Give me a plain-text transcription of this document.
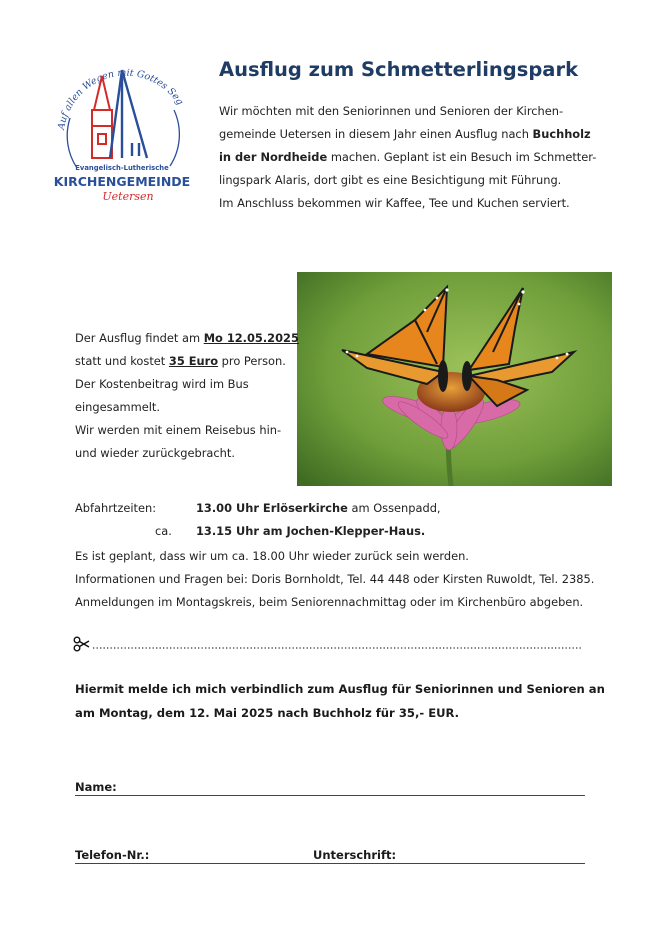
Auf allen Wegen mit Gottes Seg
Evangelisch-Lutherische
KIRCHENGEMEINDE
Uetersen
Ausflug zum Schmetterlingspark
Wir möchten mit den Seniorinnen und Senioren der Kirchen-
gemeinde Uetersen in diesem Jahr einen Ausflug nach Buchholz
in der Nordheide machen. Geplant ist ein Besuch im Schmetter-
lingspark Alaris, dort gibt es eine Besichtigung mit Führung.
Im Anschluss bekommen wir Kaffee, Tee und Kuchen serviert.
Der Ausflug findet am Mo 12.05.2025
statt und kostet 35 Euro pro Person.
Der Kostenbeitrag wird im Bus
eingesammelt.
Wir werden mit einem Reisebus hin-
und wieder zurückgebracht.
Abfahrtzeiten:	13.00 Uhr Erlöserkirche am Ossenpadd,
ca. 13.15 Uhr am Jochen-Klepper-Haus.
Es ist geplant, dass wir um ca. 18.00 Uhr wieder zurück sein werden.
Informationen und Fragen bei: Doris Bornholdt, Tel. 44 448 oder Kirsten Ruwoldt, Tel. 2385.
Anmeldungen im Montagskreis, beim Seniorennachmittag oder im Kirchenbüro abgeben.
Hiermit melde ich mich verbindlich zum Ausflug für Seniorinnen und Senioren an
am Montag, dem 12. Mai 2025 nach Buchholz für 35,- EUR.
Name:
Telefon-Nr.:	Unterschrift:
